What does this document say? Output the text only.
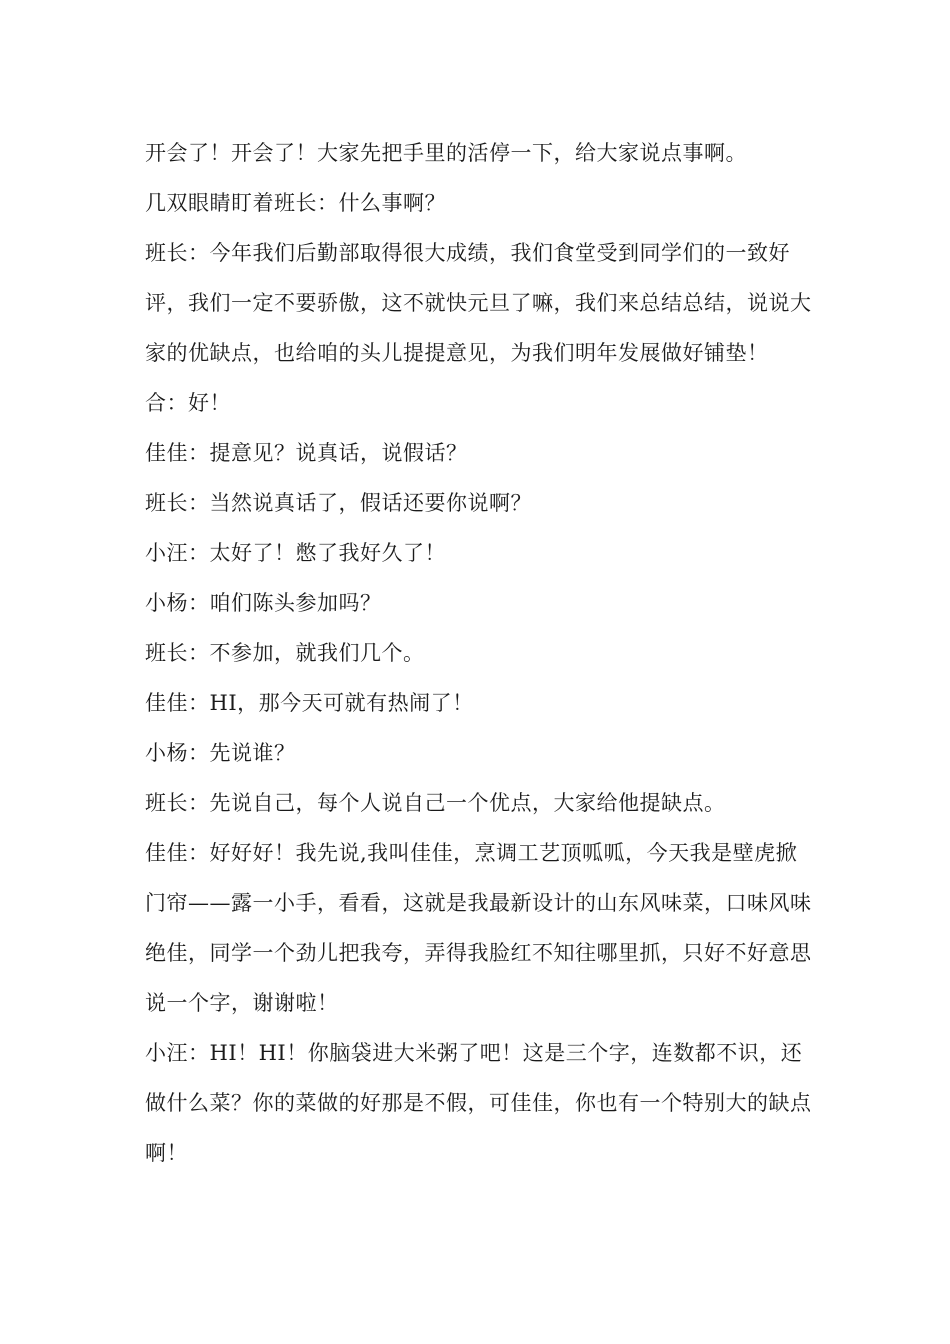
开会了！开会了！大家先把手里的活停一下，给大家说点事啊。

几双眼睛盯着班长：什么事啊？

班长：今年我们后勤部取得很大成绩，我们食堂受到同学们的一致好评，我们一定不要骄傲，这不就快元旦了嘛，我们来总结总结，说说大家的优缺点，也给咱的头儿提提意见，为我们明年发展做好铺垫！

合：好！

佳佳：提意见？说真话，说假话？

班长：当然说真话了，假话还要你说啊？

小汪：太好了！憋了我好久了！

小杨：咱们陈头参加吗？

班长：不参加，就我们几个。

佳佳：HI，那今天可就有热闹了！

小杨：先说谁？

班长：先说自己，每个人说自己一个优点，大家给他提缺点。

佳佳：好好好！我先说,我叫佳佳，烹调工艺顶呱呱，今天我是壁虎掀门帘——露一小手，看看，这就是我最新设计的山东风味菜，口味风味绝佳，同学一个劲儿把我夸，弄得我脸红不知往哪里抓，只好不好意思说一个字，谢谢啦！

小汪：HI！HI！你脑袋进大米粥了吧！这是三个字，连数都不识，还做什么菜？你的菜做的好那是不假，可佳佳，你也有一个特别大的缺点啊！
